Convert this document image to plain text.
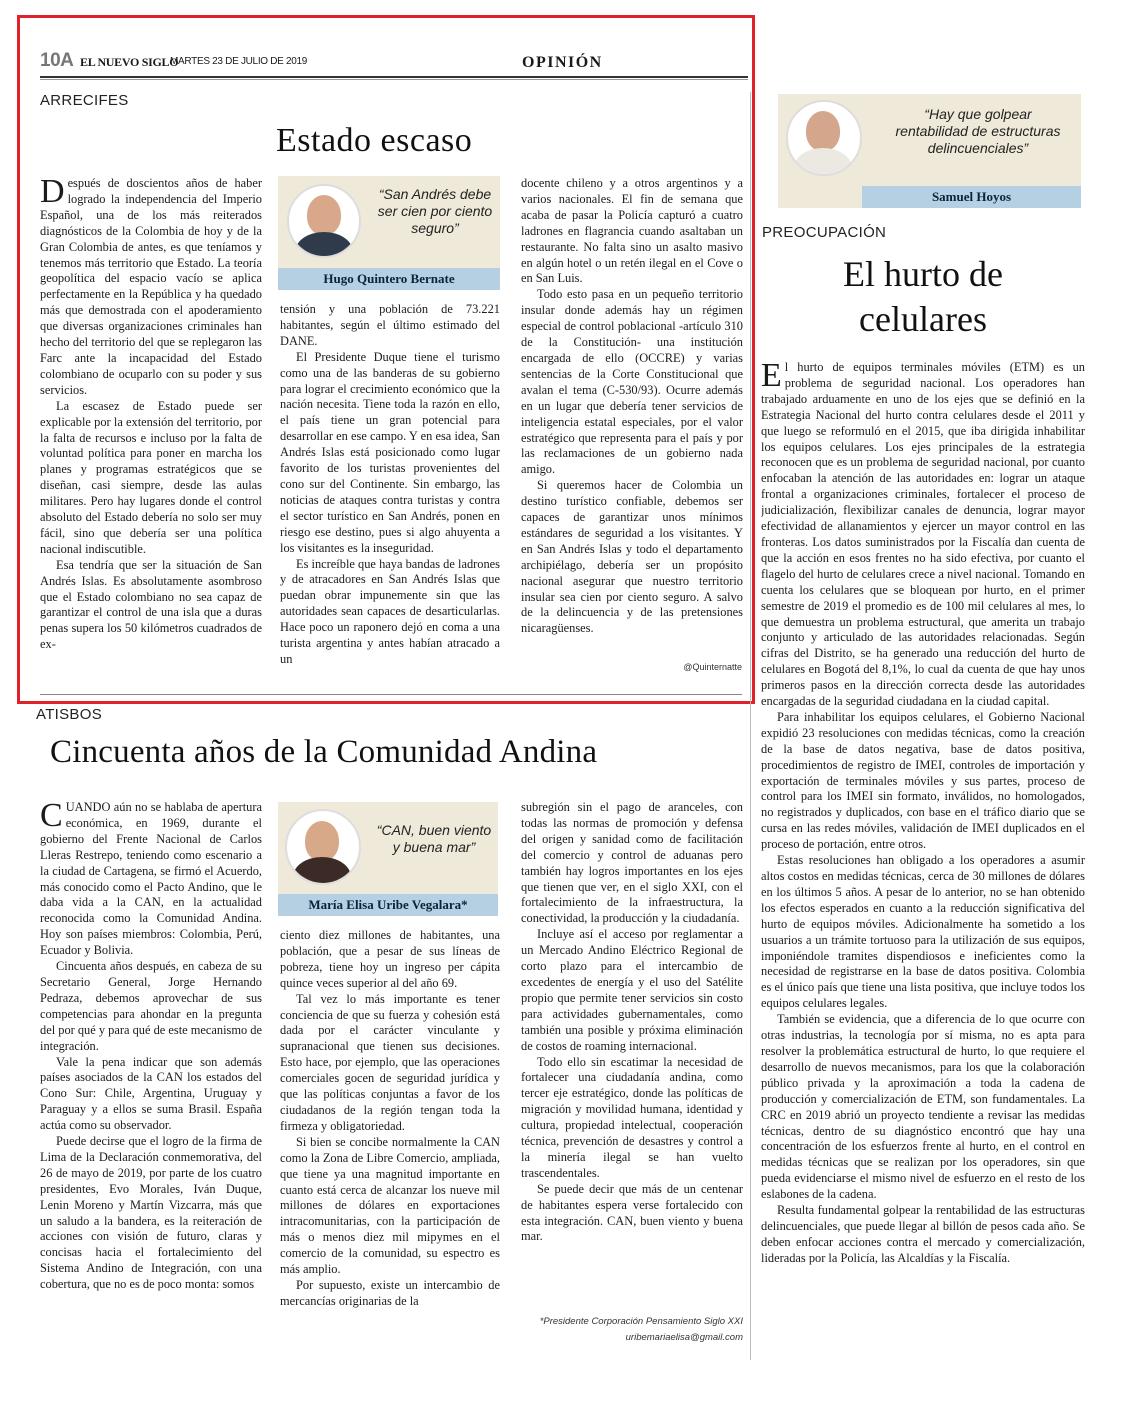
10A EL NUEVO SIGLO
MARTES 23 DE JULIO DE 2019	OPINIÓN
ARRECIFES
Estado escaso

Después de doscientos años de haber logrado la independencia del Imperio Español, una de los más reiterados diagnósticos de la Colombia de hoy y de la Gran Colombia de antes, es que teníamos y tenemos más territorio que Estado. La teoría geopolítica del espacio vacío se aplica perfectamente en la República y ha quedado más que demostrada con el apoderamiento que diversas organizaciones criminales han hecho del territorio del que se replegaron las Farc ante la incapacidad del Estado colombiano de ocuparlo con su poder y sus servicios.

La escasez de Estado puede ser explicable por la extensión del territorio, por la falta de recursos e incluso por la falta de voluntad política para poner en marcha los planes y programas estratégicos que se diseñan, casi siempre, desde las aulas militares. Pero hay lugares donde el control absoluto del Estado debería no solo ser muy fácil, sino que debería ser una política nacional indiscutible.

Esa tendría que ser la situación de San Andrés Islas. Es absolutamente asombroso que el Estado colombiano no sea capaz de garantizar el control de una isla que a duras penas supera los 50 kilómetros cuadrados de ex-

“San Andrés debe ser cien por ciento seguro”
Hugo Quintero Bernate

tensión y una población de 73.221 habitantes, según el último estimado del DANE.

El Presidente Duque tiene el turismo como una de las banderas de su gobierno para lograr el crecimiento económico que la nación necesita. Tiene toda la razón en ello, el país tiene un gran potencial para desarrollar en ese campo. Y en esa idea, San Andrés Islas está posicionado como lugar favorito de los turistas provenientes del cono sur del Continente. Sin embargo, las noticias de ataques contra turistas y contra el sector turístico en San Andrés, ponen en riesgo ese destino, pues si algo ahuyenta a los visitantes es la inseguridad.

Es increíble que haya bandas de ladrones y de atracadores en San Andrés Islas que puedan obrar impunemente sin que las autoridades sean capaces de desarticularlas. Hace poco un raponero dejó en coma a una turista argentina y antes habían atracado a un

docente chileno y a otros argentinos y a varios nacionales. El fin de semana que acaba de pasar la Policía capturó a cuatro ladrones en flagrancia cuando asaltaban un restaurante. No falta sino un asalto masivo en algún hotel o un retén ilegal en el Cove o en San Luis.

Todo esto pasa en un pequeño territorio insular donde además hay un régimen especial de control poblacional -artículo 310 de la Constitución- una institución encargada de ello (OCCRE) y varias sentencias de la Corte Constitucional que avalan el tema (C-530/93). Ocurre además en un lugar que debería tener servicios de inteligencia estatal especiales, por el valor estratégico que representa para el país y por las reclamaciones de un gobierno nada amigo.

Si queremos hacer de Colombia un destino turístico confiable, debemos ser capaces de garantizar unos mínimos estándares de seguridad a los visitantes. Y en San Andrés Islas y todo el departamento archipiélago, debería ser un propósito nacional asegurar que nuestro territorio insular sea cien por ciento seguro. A salvo de la delincuencia y de las pretensiones nicaragüenses.

@Quinternatte
ATISBOS
Cincuenta años de la Comunidad Andina

CUANDO aún no se hablaba de apertura económica, en 1969, durante el gobierno del Frente Nacional de Carlos Lleras Restrepo, teniendo como escenario a la ciudad de Cartagena, se firmó el Acuerdo, más conocido como el Pacto Andino, que le daba vida a la CAN, en la actualidad reconocida como la Comunidad Andina. Hoy son países miembros: Colombia, Perú, Ecuador y Bolivia.

Cincuenta años después, en cabeza de su Secretario General, Jorge Hernando Pedraza, debemos aprovechar de sus competencias para ahondar en la pregunta del por qué y para qué de este mecanismo de integración.

Vale la pena indicar que son además países asociados de la CAN los estados del Cono Sur: Chile, Argentina, Uruguay y Paraguay y a ellos se suma Brasil. España actúa como su observador.

Puede decirse que el logro de la firma de Lima de la Declaración conmemorativa, del 26 de mayo de 2019, por parte de los cuatro presidentes, Evo Morales, Iván Duque, Lenin Moreno y Martín Vizcarra, más que un saludo a la bandera, es la reiteración de acciones con visión de futuro, claras y concisas hacia el fortalecimiento del Sistema Andino de Integración, con una cobertura, que no es de poco monta: somos

“CAN, buen viento y buena mar”
María Elisa Uribe Vegalara*

ciento diez millones de habitantes, una población, que a pesar de sus líneas de pobreza, tiene hoy un ingreso per cápita quince veces superior al del año 69.

Tal vez lo más importante es tener conciencia de que su fuerza y cohesión está dada por el carácter vinculante y supranacional que tienen sus decisiones. Esto hace, por ejemplo, que las operaciones comerciales gocen de seguridad jurídica y que las políticas conjuntas a favor de los ciudadanos de la región tengan toda la firmeza y obligatoriedad.

Si bien se concibe normalmente la CAN como la Zona de Libre Comercio, ampliada, que tiene ya una magnitud importante en cuanto está cerca de alcanzar los nueve mil millones de dólares en exportaciones intracomunitarias, con la participación de más o menos diez mil mipymes en el comercio de la comunidad, su espectro es más amplio.

Por supuesto, existe un intercambio de mercancías originarias de la

subregión sin el pago de aranceles, con todas las normas de promoción y defensa del origen y sanidad como de facilitación del comercio y control de aduanas pero también hay logros importantes en los ejes que tienen que ver, en el siglo XXI, con el fortalecimiento de la infraestructura, la conectividad, la producción y la ciudadanía.

Incluye así el acceso por reglamentar a un Mercado Andino Eléctrico Regional de corto plazo para el intercambio de excedentes de energía y el uso del Satélite propio que permite tener servicios sin costo para actividades gubernamentales, como también una posible y próxima eliminación de costos de roaming internacional.

Todo ello sin escatimar la necesidad de fortalecer una ciudadanía andina, como tercer eje estratégico, donde las políticas de migración y movilidad humana, identidad y cultura, propiedad intelectual, cooperación técnica, prevención de desastres y control a la minería ilegal se han vuelto trascendentales.

Se puede decir que más de un centenar de habitantes espera verse fortalecido con esta integración. CAN, buen viento y buena mar.

*Presidente Corporación Pensamiento Siglo XXI
uribemariaelisa@gmail.com
“Hay que golpear rentabilidad de estructuras delincuenciales”
Samuel Hoyos
PREOCUPACIÓN
El hurto de celulares

El hurto de equipos terminales móviles (ETM) es un problema de seguridad nacional. Los operadores han trabajado arduamente en uno de los ejes que se definió en la Estrategia Nacional del hurto contra celulares desde el 2011 y que luego se reformuló en el 2015, que iba dirigida inhabilitar los equipos celulares. Los ejes principales de la estrategia reconocen que es un problema de seguridad nacional, por cuanto enfocaban la atención de las autoridades en: lograr un ataque frontal a organizaciones criminales, fortalecer el proceso de judicialización, flexibilizar canales de denuncia, lograr mayor efectividad de allanamientos y ejercer un mayor control en las fronteras. Los datos suministrados por la Fiscalía dan cuenta de que la acción en esos frentes no ha sido efectiva, por cuanto el flagelo del hurto de celulares crece a nivel nacional. Tomando en cuenta los celulares que se bloquean por hurto, en el primer semestre de 2019 el promedio es de 100 mil celulares al mes, lo que demuestra un problema estructural, que amerita un trabajo conjunto y articulado de las autoridades relacionadas. Según cifras del Distrito, se ha generado una reducción del hurto de celulares en Bogotá del 8,1%, lo cual da cuenta de que hay unos primeros pasos en la dirección correcta desde las autoridades encargadas de la seguridad ciudadana en la ciudad capital.

Para inhabilitar los equipos celulares, el Gobierno Nacional expidió 23 resoluciones con medidas técnicas, como la creación de la base de datos negativa, base de datos positiva, procedimientos de registro de IMEI, controles de importación y exportación de terminales móviles y sus partes, proceso de control para los IMEI sin formato, inválidos, no homologados, no registrados y duplicados, con base en el tráfico diario que se cursa en las redes móviles, validación de IMEI duplicados en el proceso de portación, entre otros.

Estas resoluciones han obligado a los operadores a asumir altos costos en medidas técnicas, cerca de 30 millones de dólares en los últimos 5 años. A pesar de lo anterior, no se han obtenido los efectos esperados en cuanto a la reducción significativa del hurto de equipos móviles. Adicionalmente ha sometido a los usuarios a un trámite tortuoso para la utilización de sus equipos, imponiéndole tramites dispendiosos e ineficientes como la necesidad de registrarse en la base de datos positiva. Colombia es el único país que tiene una lista positiva, que incluye todos los equipos celulares legales.

También se evidencia, que a diferencia de lo que ocurre con otras industrias, la tecnología por sí misma, no es apta para resolver la problemática estructural de hurto, lo que requiere el desarrollo de nuevos mecanismos, para los que la colaboración público privada y la aproximación a toda la cadena de producción y comercialización de ETM, son fundamentales. La CRC en 2019 abrió un proyecto tendiente a revisar las medidas técnicas, dentro de su diagnóstico encontró que hay una concentración de los esfuerzos frente al hurto, en el control en medidas técnicas que se realizan por los operadores, sin que pueda evidenciarse el mismo nivel de esfuerzo en el resto de los eslabones de la cadena.

Resulta fundamental golpear la rentabilidad de las estructuras delincuenciales, que puede llegar al billón de pesos cada año. Se deben enfocar acciones contra el mercado y comercialización, lideradas por la Policía, las Alcaldías y la Fiscalía.
